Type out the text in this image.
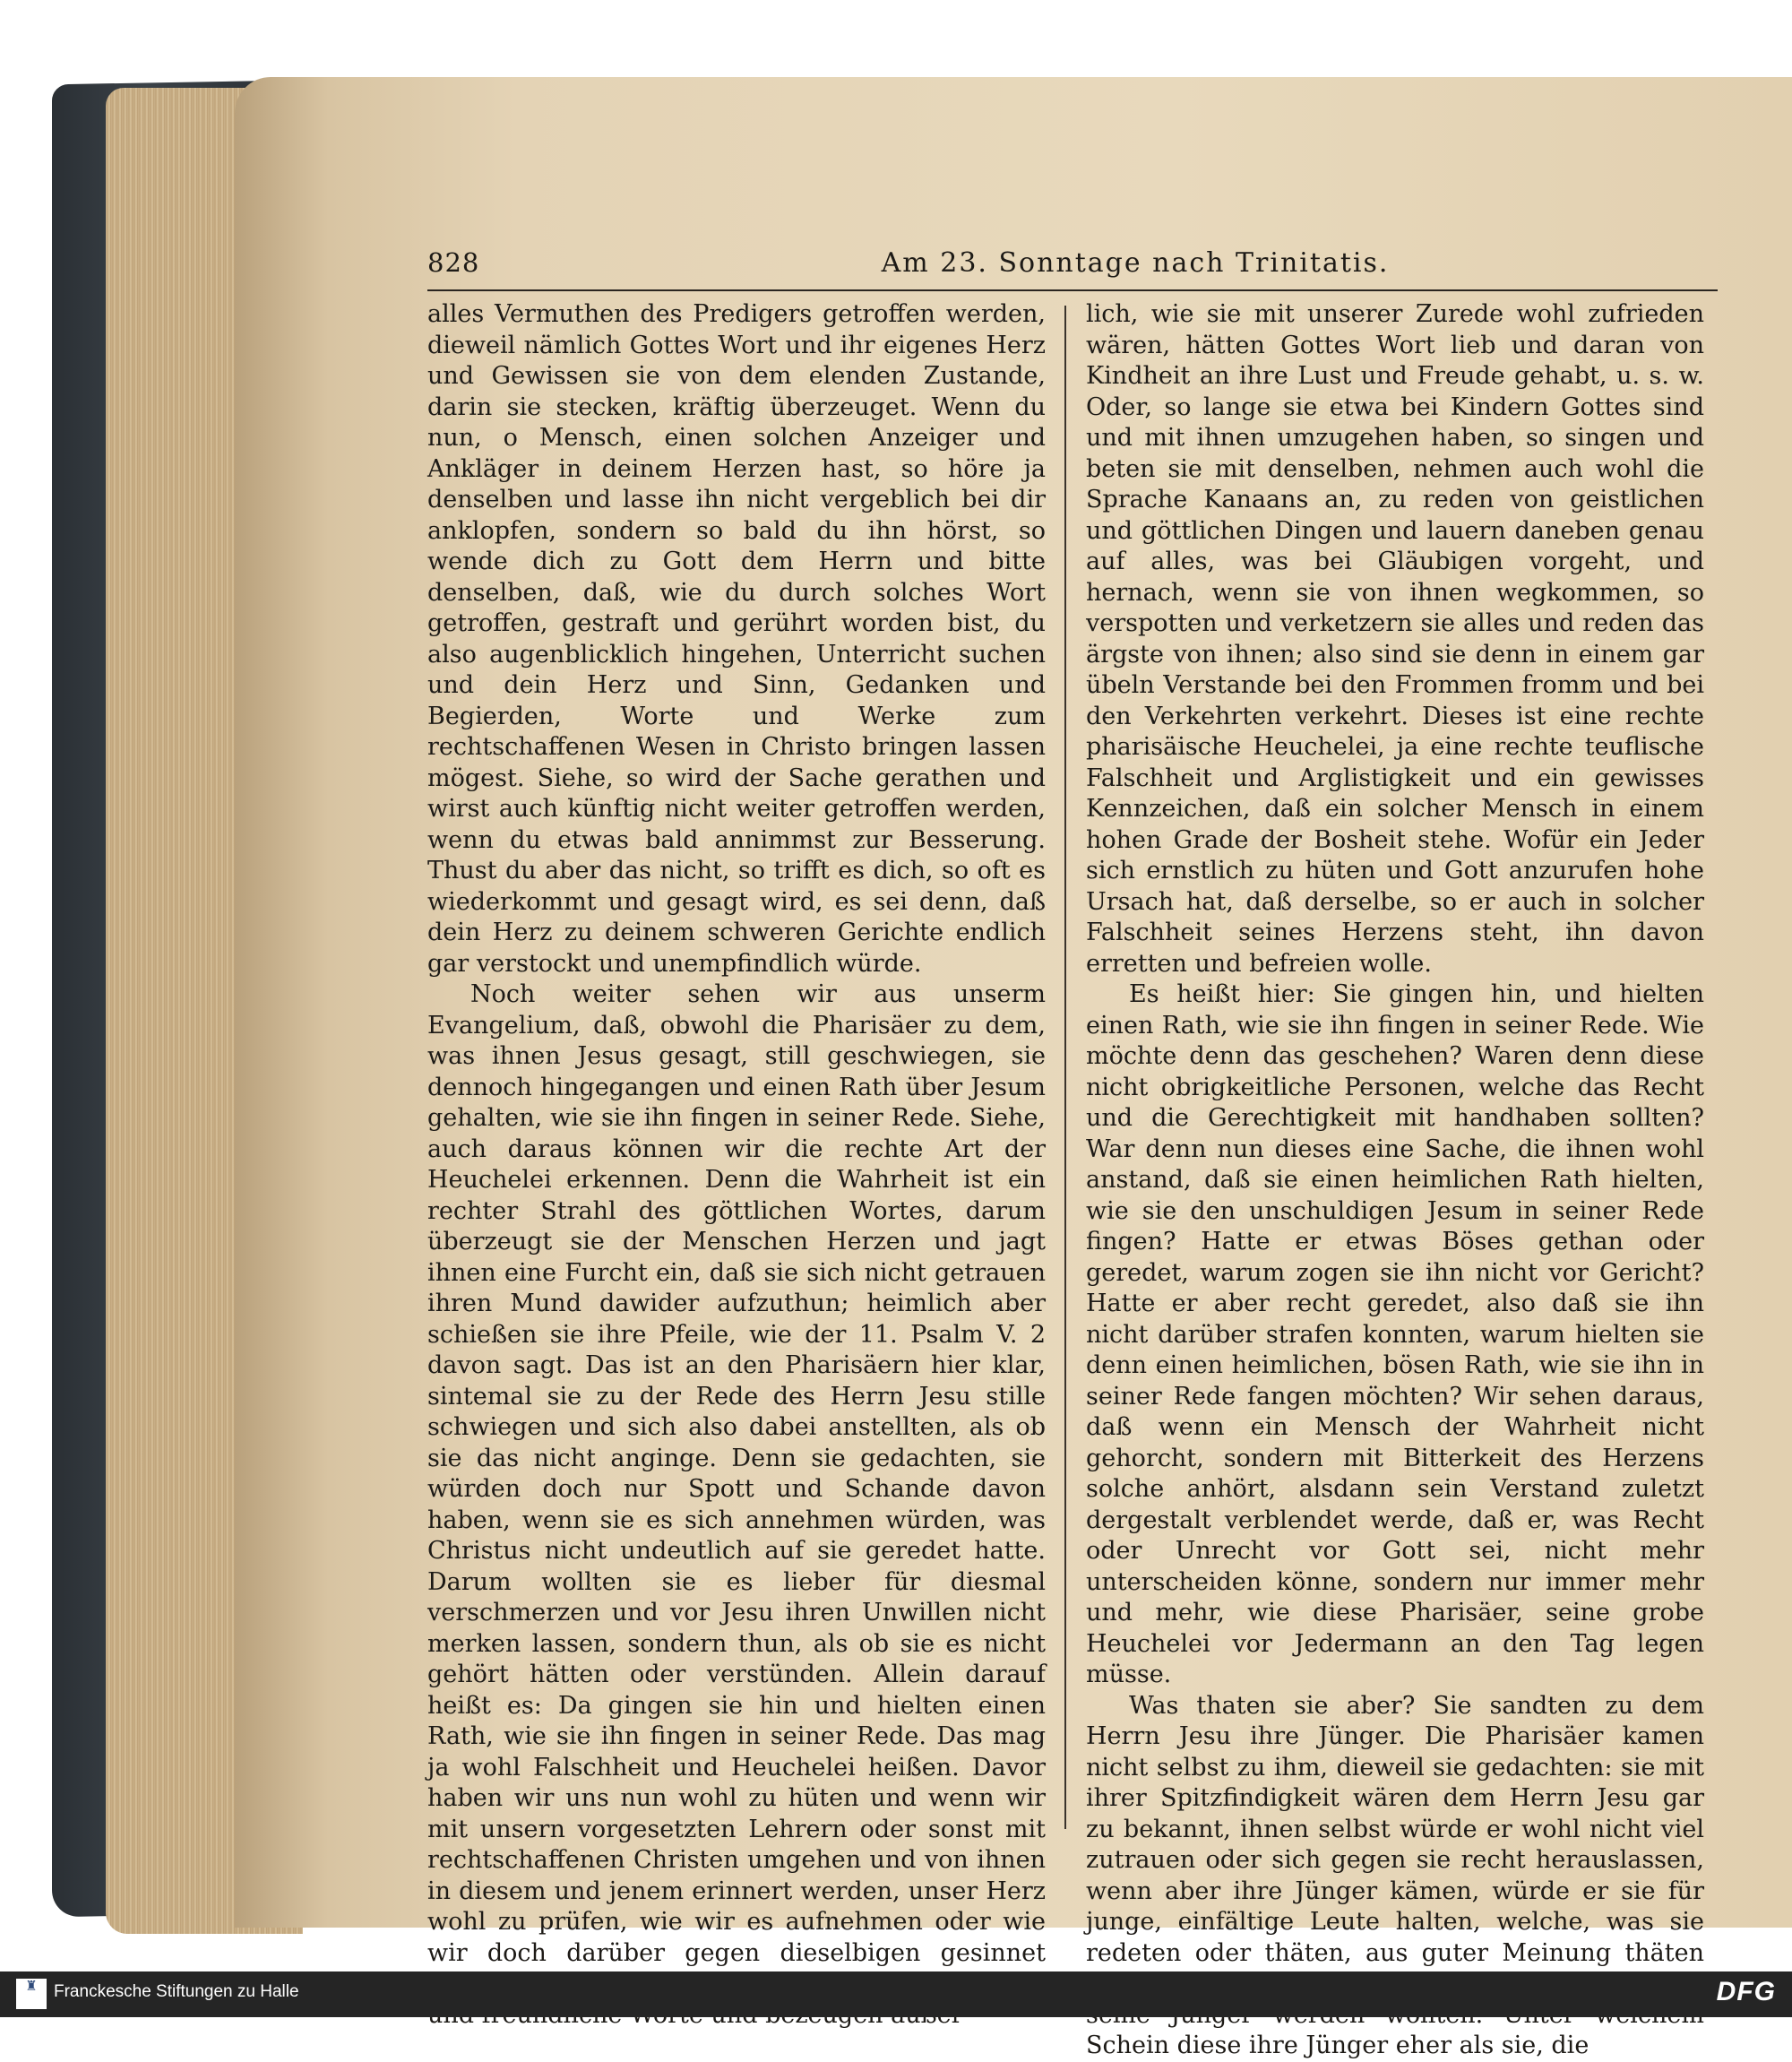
828	Am 23. Sonntage nach Trinitatis.

alles Vermuthen des Predigers getroffen werden, dieweil nämlich Gottes Wort und ihr eigenes Herz und Gewissen sie von dem elenden Zustande, darin sie stecken, kräftig überzeuget. Wenn du nun, o Mensch, einen solchen Anzeiger und Ankläger in deinem Herzen hast, so höre ja denselben und lasse ihn nicht vergeblich bei dir anklopfen, sondern so bald du ihn hörst, so wende dich zu Gott dem Herrn und bitte denselben, daß, wie du durch solches Wort getroffen, gestraft und gerührt worden bist, du also augenblicklich hingehen, Unterricht suchen und dein Herz und Sinn, Gedanken und Begierden, Worte und Werke zum rechtschaffenen Wesen in Christo bringen lassen mögest. Siehe, so wird der Sache gerathen und wirst auch künftig nicht weiter getroffen werden, wenn du etwas bald annimmst zur Besserung. Thust du aber das nicht, so trifft es dich, so oft es wiederkommt und gesagt wird, es sei denn, daß dein Herz zu deinem schweren Gerichte endlich gar verstockt und unempfindlich würde.

Noch weiter sehen wir aus unserm Evangelium, daß, obwohl die Pharisäer zu dem, was ihnen Jesus gesagt, still geschwiegen, sie dennoch hingegangen und einen Rath über Jesum gehalten, wie sie ihn fingen in seiner Rede. Siehe, auch daraus können wir die rechte Art der Heuchelei erkennen. Denn die Wahrheit ist ein rechter Strahl des göttlichen Wortes, darum überzeugt sie der Menschen Herzen und jagt ihnen eine Furcht ein, daß sie sich nicht getrauen ihren Mund dawider aufzuthun; heimlich aber schießen sie ihre Pfeile, wie der 11. Psalm V. 2 davon sagt. Das ist an den Pharisäern hier klar, sintemal sie zu der Rede des Herrn Jesu stille schwiegen und sich also dabei anstellten, als ob sie das nicht anginge. Denn sie gedachten, sie würden doch nur Spott und Schande davon haben, wenn sie es sich annehmen würden, was Christus nicht undeutlich auf sie geredet hatte. Darum wollten sie es lieber für diesmal verschmerzen und vor Jesu ihren Unwillen nicht merken lassen, sondern thun, als ob sie es nicht gehört hätten oder verstünden. Allein darauf heißt es: Da gingen sie hin und hielten einen Rath, wie sie ihn fingen in seiner Rede. Das mag ja wohl Falschheit und Heuchelei heißen. Davor haben wir uns nun wohl zu hüten und wenn wir mit unsern vorgesetzten Lehrern oder sonst mit rechtschaffenen Christen umgehen und von ihnen in diesem und jenem erinnert werden, unser Herz wohl zu prüfen, wie wir es aufnehmen oder wie wir doch darüber gegen dieselbigen gesinnet

lich, wie sie mit unserer Zurede wohl zufrieden wären, hätten Gottes Wort lieb und daran von Kindheit an ihre Lust und Freude gehabt, u. s. w. Oder, so lange sie etwa bei Kindern Gottes sind und mit ihnen umzugehen haben, so singen und beten sie mit denselben, nehmen auch wohl die Sprache Kanaans an, zu reden von geistlichen und göttlichen Dingen und lauern daneben genau auf alles, was bei Gläubigen vorgeht, und hernach, wenn sie von ihnen wegkommen, so verspotten und verketzern sie alles und reden das ärgste von ihnen; also sind sie denn in einem gar übeln Verstande bei den Frommen fromm und bei den Verkehrten verkehrt. Dieses ist eine rechte pharisäische Heuchelei, ja eine rechte teuflische Falschheit und Arglistigkeit und ein gewisses Kennzeichen, daß ein solcher Mensch in einem hohen Grade der Bosheit stehe. Wofür ein Jeder sich ernstlich zu hüten und Gott anzurufen hohe Ursach hat, daß derselbe, so er auch in solcher Falschheit seines Herzens steht, ihn davon erretten und befreien wolle.

Es heißt hier: Sie gingen hin, und hielten einen Rath, wie sie ihn fingen in seiner Rede. Wie möchte denn das geschehen? Waren denn diese nicht obrigkeitliche Personen, welche das Recht und die Gerechtigkeit mit handhaben sollten? War denn nun dieses eine Sache, die ihnen wohl anstand, daß sie einen heimlichen Rath hielten, wie sie den unschuldigen Jesum in seiner Rede fingen? Hatte er etwas Böses gethan oder geredet, warum zogen sie ihn nicht vor Gericht? Hatte er aber recht geredet, also daß sie ihn nicht darüber strafen konnten, warum hielten sie denn einen heimlichen, bösen Rath, wie sie ihn in seiner Rede fangen möchten? Wir sehen daraus, daß wenn ein Mensch der Wahrheit nicht gehorcht, sondern mit Bitterkeit des Herzens solche anhört, alsdann sein Verstand zuletzt dergestalt verblendet werde, daß er, was Recht oder Unrecht vor Gott sei, nicht mehr unterscheiden könne, sondern nur immer mehr und mehr, wie diese Pharisäer, seine grobe Heuchelei vor Jedermann an den Tag legen müsse.

Was thaten sie aber? Sie sandten zu dem Herrn Jesu ihre Jünger. Die Pharisäer kamen nicht selbst zu ihm, dieweil sie gedachten: sie mit ihrer Spitzfindigkeit wären dem Herrn Jesu gar zu bekannt, ihnen selbst würde er wohl nicht viel zutrauen oder sich gegen sie recht herauslassen, wenn aber ihre Jünger kämen, würde er sie für junge, einfältige Leute halten, welche, was sie redeten oder thäten, aus guter Meinung thäten Schein diese ihre Jünger eher als sie, die

♜ Franckesche Stiftungen zu Halle	DFG
